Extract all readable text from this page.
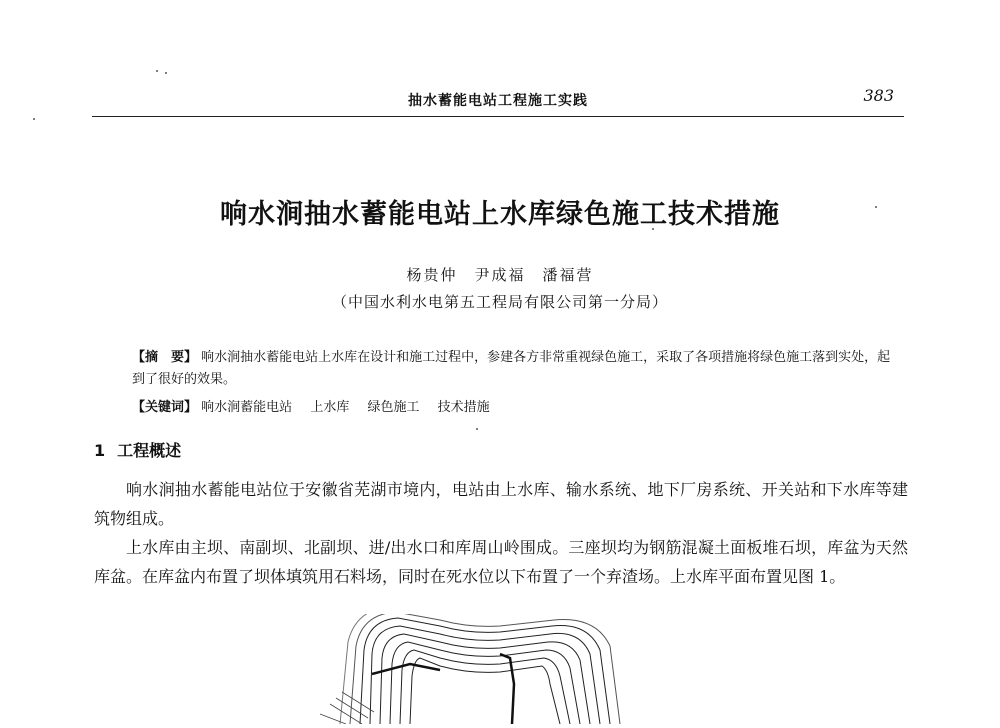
抽水蓄能电站工程施工实践	383
响水涧抽水蓄能电站上水库绿色施工技术措施
杨贵仲　尹成福　潘福营
（中国水利水电第五工程局有限公司第一分局）
【摘　要】 响水涧抽水蓄能电站上水库在设计和施工过程中，参建各方非常重视绿色施工，采取了各项措施将绿色施工落到实处，起到了很好的效果。
【关键词】 响水涧蓄能电站 上水库 绿色施工 技术措施
1 工程概述
响水涧抽水蓄能电站位于安徽省芜湖市境内，电站由上水库、输水系统、地下厂房系统、开关站和下水库等建筑物组成。
上水库由主坝、南副坝、北副坝、进/出水口和库周山岭围成。三座坝均为钢筋混凝土面板堆石坝，库盆为天然库盆。在库盆内布置了坝体填筑用石料场，同时在死水位以下布置了一个弃渣场。上水库平面布置见图 1。
